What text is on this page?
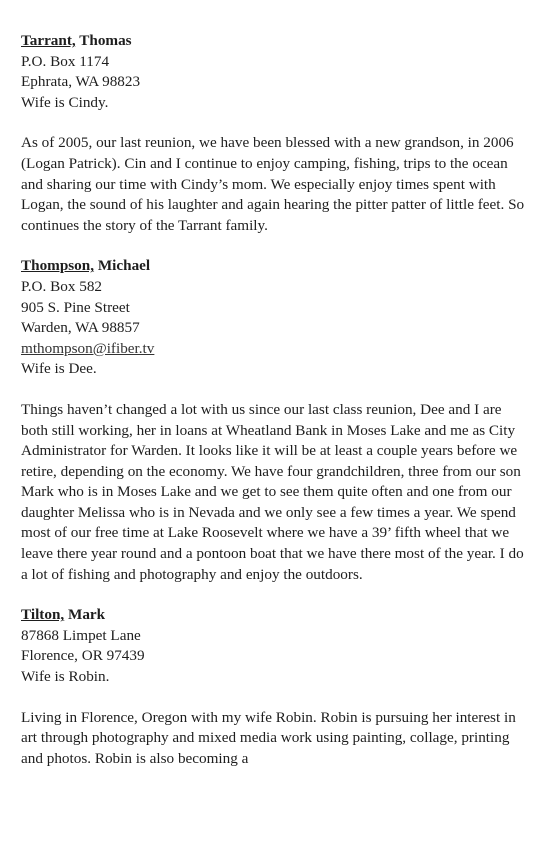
Tarrant, Thomas

P.O. Box 1174

Ephrata, WA 98823

Wife is Cindy.

As of 2005, our last reunion, we have been blessed with a new grandson, in 2006 (Logan Patrick). Cin and I continue to enjoy camping, fishing, trips to the ocean and sharing our time with Cindy’s mom. We especially enjoy times spent with Logan, the sound of his laughter and again hearing the pitter patter of little feet. So continues the story of the Tarrant family.

Thompson, Michael

P.O. Box 582

905 S. Pine Street

Warden, WA 98857

mthompson@ifiber.tv

Wife is Dee.

Things haven’t changed a lot with us since our last class reunion, Dee and I are both still working, her in loans at Wheatland Bank in Moses Lake and me as City Administrator for Warden. It looks like it will be at least a couple years before we retire, depending on the economy. We have four grandchildren, three from our son Mark who is in Moses Lake and we get to see them quite often and one from our daughter Melissa who is in Nevada and we only see a few times a year. We spend most of our free time at Lake Roosevelt where we have a 39’ fifth wheel that we leave there year round and a pontoon boat that we have there most of the year. I do a lot of fishing and photography and enjoy the outdoors.

Tilton, Mark

87868 Limpet Lane

Florence, OR 97439

Wife is Robin.

Living in Florence, Oregon with my wife Robin. Robin is pursuing her interest in art through photography and mixed media work using painting, collage, printing and photos. Robin is also becoming a
